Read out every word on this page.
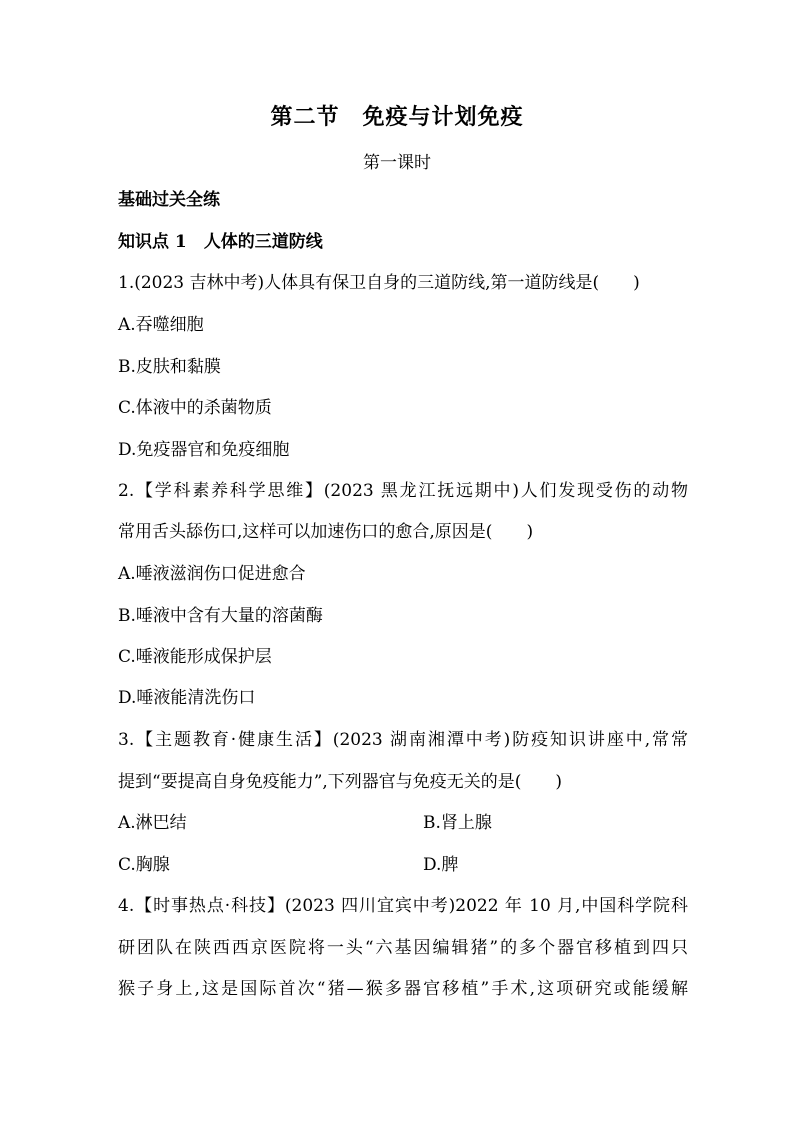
第二节　免疫与计划免疫
第一课时
基础过关全练
知识点 1　人体的三道防线
1.(2023 吉林中考)人体具有保卫自身的三道防线,第一道防线是(　　)
A.吞噬细胞
B.皮肤和黏膜
C.体液中的杀菌物质
D.免疫器官和免疫细胞
2.【学科素养科学思维】(2023 黑龙江抚远期中)人们发现受伤的动物
常用舌头舔伤口,这样可以加速伤口的愈合,原因是(　　)
A.唾液滋润伤口促进愈合
B.唾液中含有大量的溶菌酶
C.唾液能形成保护层
D.唾液能清洗伤口
3.【主题教育·健康生活】(2023 湖南湘潭中考)防疫知识讲座中,常常
提到“要提高自身免疫能力”,下列器官与免疫无关的是(　　)
A.淋巴结	B.肾上腺
C.胸腺	D.脾
4.【时事热点·科技】(2023 四川宜宾中考)2022 年 10 月,中国科学院科
研团队在陕西西京医院将一头“六基因编辑猪”的多个器官移植到四只
猴子身上,这是国际首次“猪—猴多器官移植”手术,这项研究或能缓解
